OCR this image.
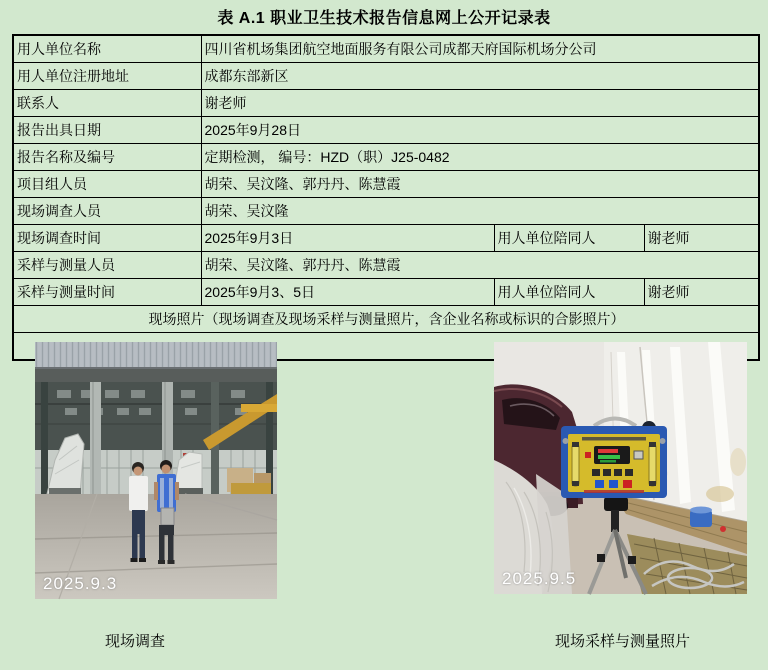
表 A.1 职业卫生技术报告信息网上公开记录表
用人单位名称	四川省机场集团航空地面服务有限公司成都天府国际机场分公司		
用人单位注册地址	成都东部新区		
联系人	谢老师		
报告出具日期	2025年9月28日		
报告名称及编号	定期检测， 编号：HZD（职）J25-0482		
项目组人员	胡荣、吴汶隆、郭丹丹、陈慧霞		
现场调查人员	胡荣、吴汶隆		
现场调查时间	2025年9月3日	用人单位陪同人	谢老师
采样与测量人员	胡荣、吴汶隆、郭丹丹、陈慧霞		
采样与测量时间	2025年9月3、5日	用人单位陪同人	谢老师
现场照片（现场调查及现场采样与测量照片，含企业名称或标识的合影照片）			

2025.9.3 2025.9.5
现场调查 现场采样与测量照片			
